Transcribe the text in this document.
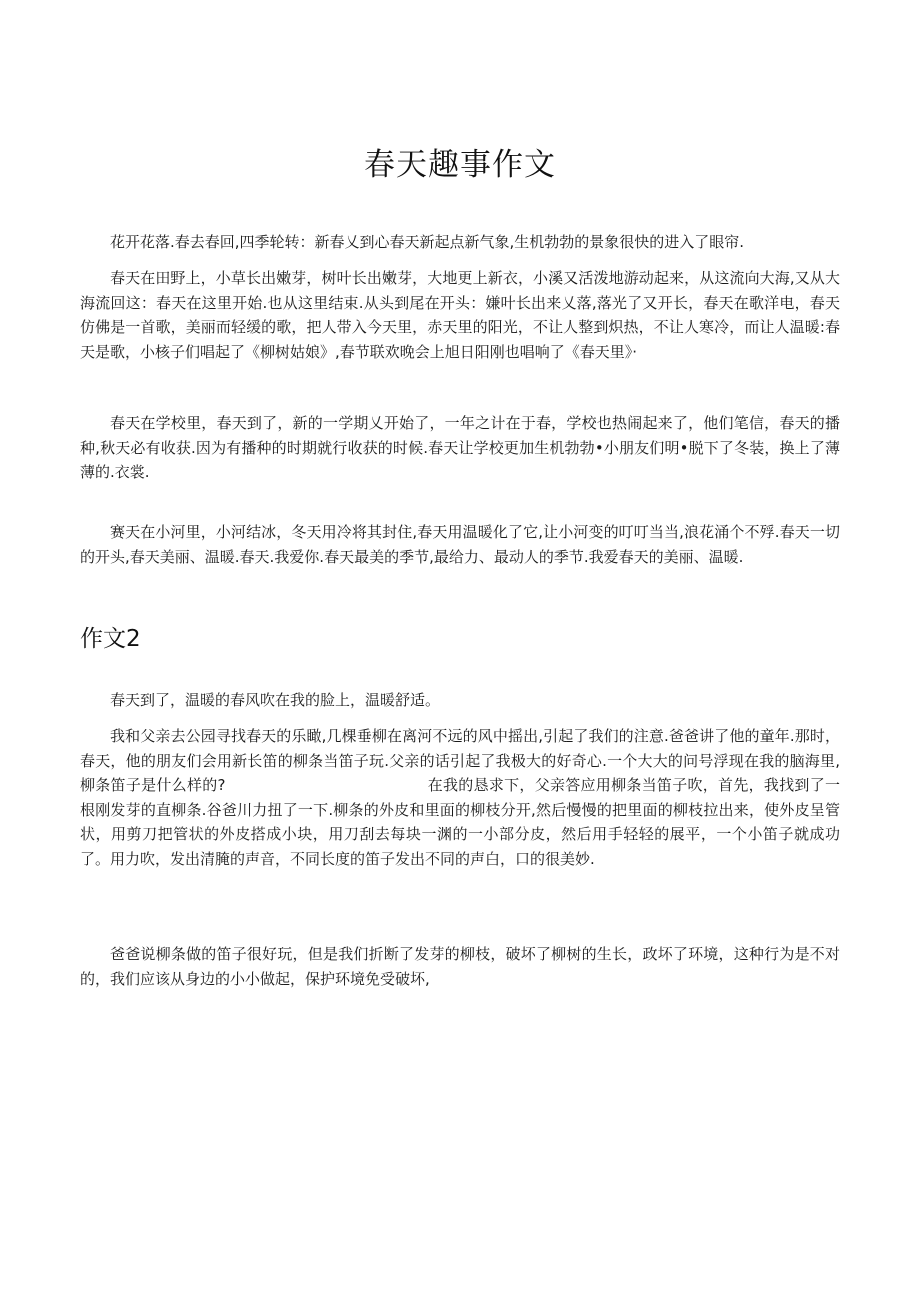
春天趣事作文

花开花落.春去春回,四季轮转：新春乂到心春天新起点新气象,生机勃勃的景象很快的进入了眼帘.

春天在田野上，小草长出嫩芽，树叶长出嫩芽，大地更上新衣，小溪又活泼地游动起来，从这流向大海,又从大海流回这：春天在这里开始.也从这里结束.从头到尾在开头：嫌叶长出来乂落,落光了又开长，春天在歌洋电，春天仿佛是一首歌，美丽而轻缓的歌，把人带入今天里，赤天里的阳光，不让人整到炽热，不让人寒冷，而让人温暖:春天是歌，小核子们唱起了《柳树姑娘》,春节联欢晚会上旭日阳刚也唱响了《春天里》·

春天在学校里，春天到了，新的一学期乂开始了，一年之计在于春，学校也热闹起来了，他们笔信，春天的播种,秋天必有收获.因为有播种的时期就行收获的时候.春天让学校更加生机勃勃•小朋友们明•脱下了冬装，换上了薄薄的.衣裳.

赛天在小河里，小河结冰，冬天用冷将其封住,春天用温暖化了它,让小河变的叮叮当当,浪花涌个不殍.春天一切的开头,春天美丽、温暖.春天.我爱你.春天最美的季节,最给力、最动人的季节.我爱春天的美丽、温暖.

作文2

春天到了，温暖的春风吹在我的脸上，温暖舒适。

我和父亲去公园寻找春天的乐瞰,几棵垂柳在离河不远的风中摇出,引起了我们的注意.爸爸讲了他的童年.那时，春天，他的朋友们会用新长笛的柳条当笛子玩.父亲的话引起了我极大的好奇心.一个大大的问号浮现在我的脑海里,柳条笛子是什么样的?	在我的恳求下，父亲答应用柳条当笛子吹，首先，我找到了一根刚发芽的直柳条.谷爸川力扭了一下.柳条的外皮和里面的柳枝分开,然后慢慢的把里面的柳枝拉出来，使外皮呈管状，用剪刀把管状的外皮搭成小块，用刀刮去每块一渊的一小部分皮，然后用手轻轻的展平，一个小笛子就成功了。用力吹，发出清腌的声音，不同长度的笛子发出不同的声白，口的很美妙.

爸爸说柳条做的笛子很好玩，但是我们折断了发芽的柳枝，破坏了柳树的生长，政坏了环境，这种行为是不对的，我们应该从身边的小小做起，保护环境免受破坏,
